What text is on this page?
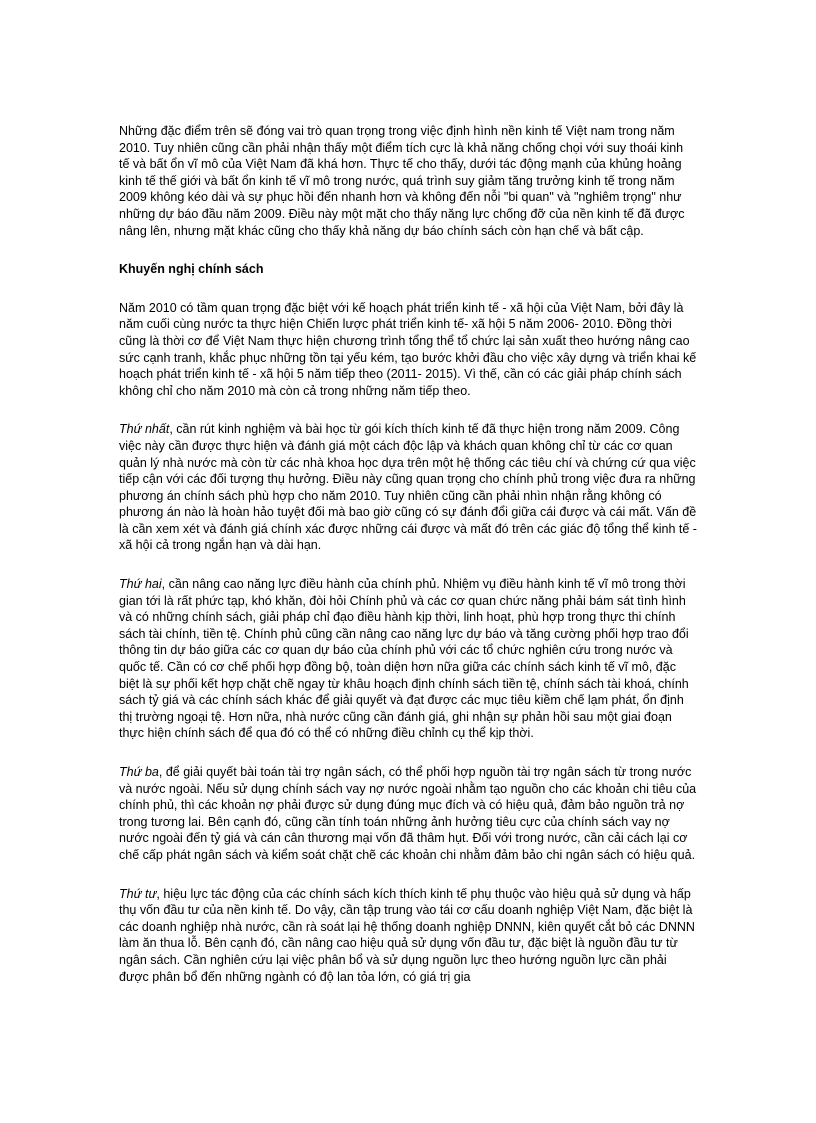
Những đặc điểm trên sẽ đóng vai trò quan trọng trong việc định hình nền kinh tế Việt nam trong năm 2010. Tuy nhiên cũng cần phải nhận thấy một điểm tích cực là khả năng chống chọi với suy thoái kinh tế và bất ổn vĩ mô của Việt Nam đã khá hơn. Thực tế cho thấy, dưới tác động mạnh của khủng hoảng kinh tế thế giới và bất ổn kinh tế vĩ mô trong nước, quá trình suy giảm tăng trưởng kinh tế trong năm 2009 không kéo dài và sự phục hồi đến nhanh hơn và không đến nỗi "bi quan" và "nghiêm trọng" như những dự báo đầu năm 2009. Điều này một mặt cho thấy năng lực chống đỡ của nền kinh tế đã được nâng lên, nhưng mặt khác cũng cho thấy khả năng dự báo chính sách còn hạn chế và bất cập.

Khuyến nghị chính sách

Năm 2010 có tầm quan trọng đặc biệt với kế hoạch phát triển kinh tế - xã hội của Việt Nam, bởi đây là năm cuối cùng nước ta thực hiện Chiến lược phát triển kinh tế- xã hội 5 năm 2006- 2010. Đồng thời cũng là thời cơ để Việt Nam thực hiện chương trình tổng thể tổ chức lại sản xuất theo hướng nâng cao sức cạnh tranh, khắc phục những tồn tại yếu kém, tạo bước khởi đầu cho việc xây dựng và triển khai kế hoạch phát triển kinh tế - xã hội 5 năm tiếp theo (2011- 2015). Vì thế, cần có các giải pháp chính sách không chỉ cho năm 2010 mà còn cả trong những năm tiếp theo.

Thứ nhất, cần rút kinh nghiệm và bài học từ gói kích thích kinh tế đã thực hiện trong năm 2009. Công việc này cần được thực hiện và đánh giá một cách độc lập và khách quan không chỉ từ các cơ quan quản lý nhà nước mà còn từ các nhà khoa học dựa trên một hệ thống các tiêu chí và chứng cứ qua việc tiếp cận với các đối tượng thụ hưởng. Điều này cũng quan trọng cho chính phủ trong việc đưa ra những phương án chính sách phù hợp cho năm 2010. Tuy nhiên cũng cần phải nhìn nhận rằng không có phương án nào là hoàn hảo tuyệt đối mà bao giờ cũng có sự đánh đổi giữa cái được và cái mất. Vấn đề là cần xem xét và đánh giá chính xác được những cái được và mất đó trên các giác độ tổng thể kinh tế - xã hội cả trong ngắn hạn và dài hạn.

Thứ hai, cần nâng cao năng lực điều hành của chính phủ. Nhiệm vụ điều hành kinh tế vĩ mô trong thời gian tới là rất phức tạp, khó khăn, đòi hỏi Chính phủ và các cơ quan chức năng phải bám sát tình hình và có những chính sách, giải pháp chỉ đạo điều hành kịp thời, linh hoạt, phù hợp trong thực thi chính sách tài chính, tiền tệ. Chính phủ cũng cần nâng cao năng lực dự báo và tăng cường phối hợp trao đổi thông tin dự báo giữa các cơ quan dự báo của chính phủ với các tổ chức nghiên cứu trong nước và quốc tế. Cần có cơ chế phối hợp đồng bộ, toàn diện hơn nữa giữa các chính sách kinh tế vĩ mô, đặc biệt là sự phối kết hợp chặt chẽ ngay từ khâu hoạch định chính sách tiền tệ, chính sách tài khoá, chính sách tỷ giá và các chính sách khác để giải quyết và đạt được các mục tiêu kiềm chế lạm phát, ổn định thị trường ngoại tệ. Hơn nữa, nhà nước cũng cần đánh giá, ghi nhận sự phản hồi sau một giai đoạn thực hiện chính sách để qua đó có thể có những điều chỉnh cụ thể kịp thời.

Thứ ba, để giải quyết bài toán tài trợ ngân sách, có thể phối hợp nguồn tài trợ ngân sách từ trong nước và nước ngoài. Nếu sử dụng chính sách vay nợ nước ngoài nhằm tạo nguồn cho các khoản chi tiêu của chính phủ, thì các khoản nợ phải được sử dụng đúng mục đích và có hiệu quả, đảm bảo nguồn trả nợ trong tương lai. Bên cạnh đó, cũng cần tính toán những ảnh hưởng tiêu cực của chính sách vay nợ nước ngoài đến tỷ giá và cán cân thương mại vốn đã thâm hụt. Đối với trong nước, cần cải cách lại cơ chế cấp phát ngân sách và kiểm soát chặt chẽ các khoản chi nhằm đảm bảo chi ngân sách có hiệu quả.

Thứ tư, hiệu lực tác động của các chính sách kích thích kinh tế phụ thuộc vào hiệu quả sử dụng và hấp thụ vốn đầu tư của nền kinh tế. Do vậy, cần tập trung vào tái cơ cấu doanh nghiệp Việt Nam, đặc biệt là các doanh nghiệp nhà nước, cần rà soát lại hệ thống doanh nghiệp DNNN, kiên quyết cắt bỏ các DNNN làm ăn thua lỗ. Bên cạnh đó, cần nâng cao hiệu quả sử dụng vốn đầu tư, đặc biệt là nguồn đầu tư từ ngân sách. Cần nghiên cứu lại việc phân bổ và sử dụng nguồn lực theo hướng nguồn lực cần phải được phân bổ đến những ngành có độ lan tỏa lớn, có giá trị gia
